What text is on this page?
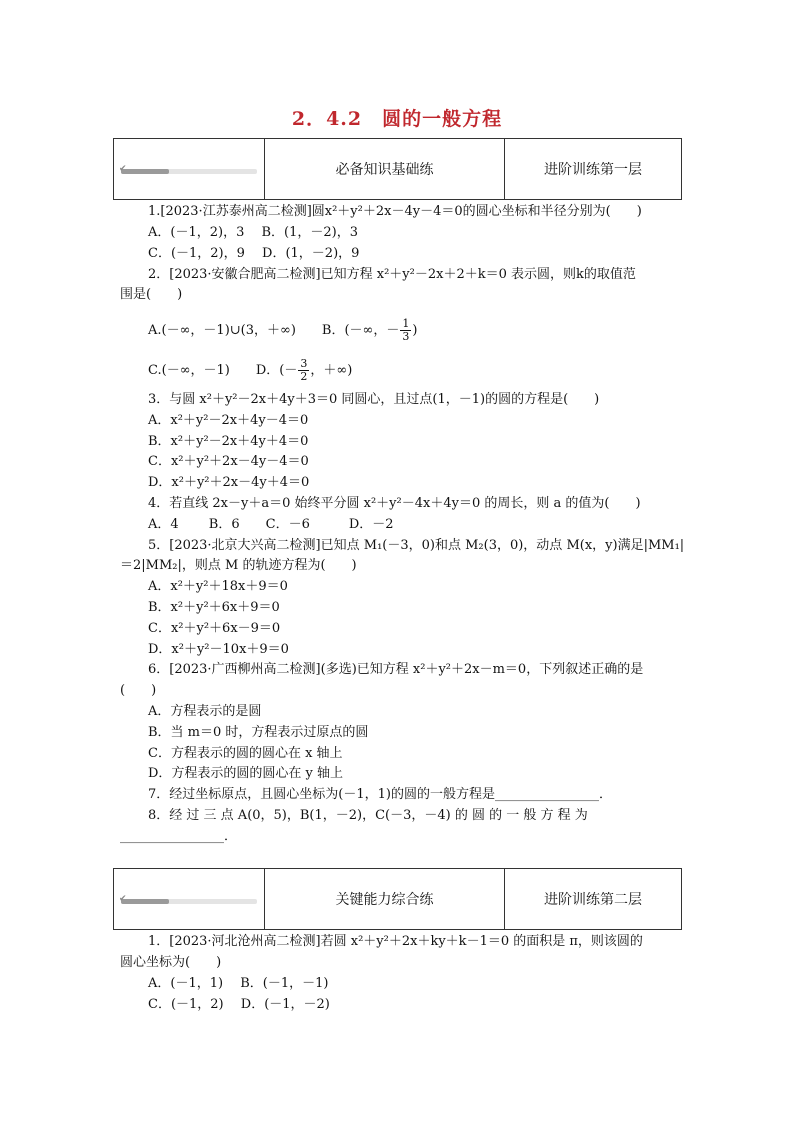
2．4.2　圆的一般方程
✔	必备知识基础练	进阶训练第一层
1.[2023·江苏泰州高二检测]圆x²＋y²＋2x－4y－4＝0的圆心坐标和半径分别为(　　)
A．(－1，2)，3　 B．(1，－2)，3
C．(－1，2)，9　 D．(1，－2)，9
2．[2023·安徽合肥高二检测]已知方程 x²＋y²－2x＋2＋k＝0 表示圆，则k的取值范
围是(　　)
A.(－∞，－1)∪(3，＋∞)　　B．(－∞，－ $\frac{1}{3}$ )
C.(－∞，－1)　　D．(－ $\frac{3}{2}$ ，＋∞)
3．与圆 x²＋y²－2x＋4y＋3＝0 同圆心，且过点(1，－1)的圆的方程是(　　)
A．x²＋y²－2x＋4y－4＝0
B．x²＋y²－2x＋4y＋4＝0
C．x²＋y²＋2x－4y－4＝0
D．x²＋y²＋2x－4y＋4＝0
4．若直线 2x－y＋a＝0 始终平分圆 x²＋y²－4x＋4y＝0 的周长，则 a 的值为(　　)
A．4　　 B．6　　C．－6　　　D．－2
5．[2023·北京大兴高二检测]已知点 M₁(－3，0)和点 M₂(3，0)，动点 M(x，y)满足|MM₁|
＝2|MM₂|，则点 M 的轨迹方程为(　　)
A．x²＋y²＋18x＋9＝0
B．x²＋y²＋6x＋9＝0
C．x²＋y²＋6x－9＝0
D．x²＋y²－10x＋9＝0
6．[2023·广西柳州高二检测](多选)已知方程 x²＋y²＋2x－m＝0，下列叙述正确的是
(　　)
A．方程表示的是圆
B．当 m＝0 时，方程表示过原点的圆
C．方程表示的圆的圆心在 x 轴上
D．方程表示的圆的圆心在 y 轴上
7．经过坐标原点，且圆心坐标为(－1，1)的圆的一般方程是________________．
8．经 过 三 点 A(0，5)，B(1，－2)，C(－3，－4) 的 圆 的 一 般 方 程 为
________________．
✔	关键能力综合练	进阶训练第二层
1．[2023·河北沧州高二检测]若圆 x²＋y²＋2x＋ky＋k－1＝0 的面积是 π，则该圆的
圆心坐标为(　　)
A．(－1，1)　 B．(－1，－1)
C．(－1，2)　 D．(－1，－2)
